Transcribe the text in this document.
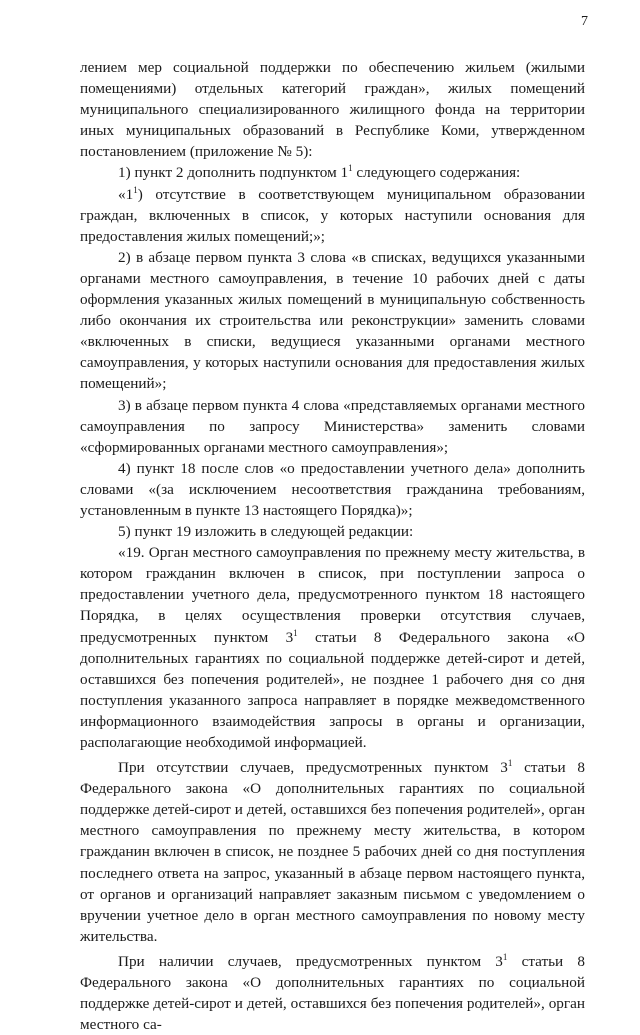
7

лением мер социальной поддержки по обеспечению жильем (жилыми помещениями) отдельных категорий граждан», жилых помещений муниципального специализированного жилищного фонда на территории иных муниципальных образований в Республике Коми, утвержденном постановлением (приложение № 5):

1) пункт 2 дополнить подпунктом $1^1$ следующего содержания:

«$1^1$) отсутствие в соответствующем муниципальном образовании граждан, включенных в список, у которых наступили основания для предоставления жилых помещений;»;

2) в абзаце первом пункта 3 слова «в списках, ведущихся указанными органами местного самоуправления, в течение 10 рабочих дней с даты оформления указанных жилых помещений в муниципальную собственность либо окончания их строительства или реконструкции» заменить словами «включенных в списки, ведущиеся указанными органами местного самоуправления, у которых наступили основания для предоставления жилых помещений»;

3) в абзаце первом пункта 4 слова «представляемых органами местного самоуправления по запросу Министерства» заменить словами «сформированных органами местного самоуправления»;

4) пункт 18 после слов «о предоставлении учетного дела» дополнить словами «(за исключением несоответствия гражданина требованиям, установленным в пункте 13 настоящего Порядка)»;

5) пункт 19 изложить в следующей редакции:

«19. Орган местного самоуправления по прежнему месту жительства, в котором гражданин включен в список, при поступлении запроса о предоставлении учетного дела, предусмотренного пунктом 18 настоящего Порядка, в целях осуществления проверки отсутствия случаев, предусмотренных пунктом $3^1$ статьи 8 Федерального закона «О дополнительных гарантиях по социальной поддержке детей-сирот и детей, оставшихся без попечения родителей», не позднее 1 рабочего дня со дня поступления указанного запроса направляет в порядке межведомственного информационного взаимодействия запросы в органы и организации, располагающие необходимой информацией.

При отсутствии случаев, предусмотренных пунктом $3^1$ статьи 8 Федерального закона «О дополнительных гарантиях по социальной поддержке детей-сирот и детей, оставшихся без попечения родителей», орган местного самоуправления по прежнему месту жительства, в котором гражданин включен в список, не позднее 5 рабочих дней со дня поступления последнего ответа на запрос, указанный в абзаце первом настоящего пункта, от органов и организаций направляет заказным письмом с уведомлением о вручении учетное дело в орган местного самоуправления по новому месту жительства.

При наличии случаев, предусмотренных пунктом $3^1$ статьи 8 Федерального закона «О дополнительных гарантиях по социальной поддержке детей-сирот и детей, оставшихся без попечения родителей», орган местного са-
